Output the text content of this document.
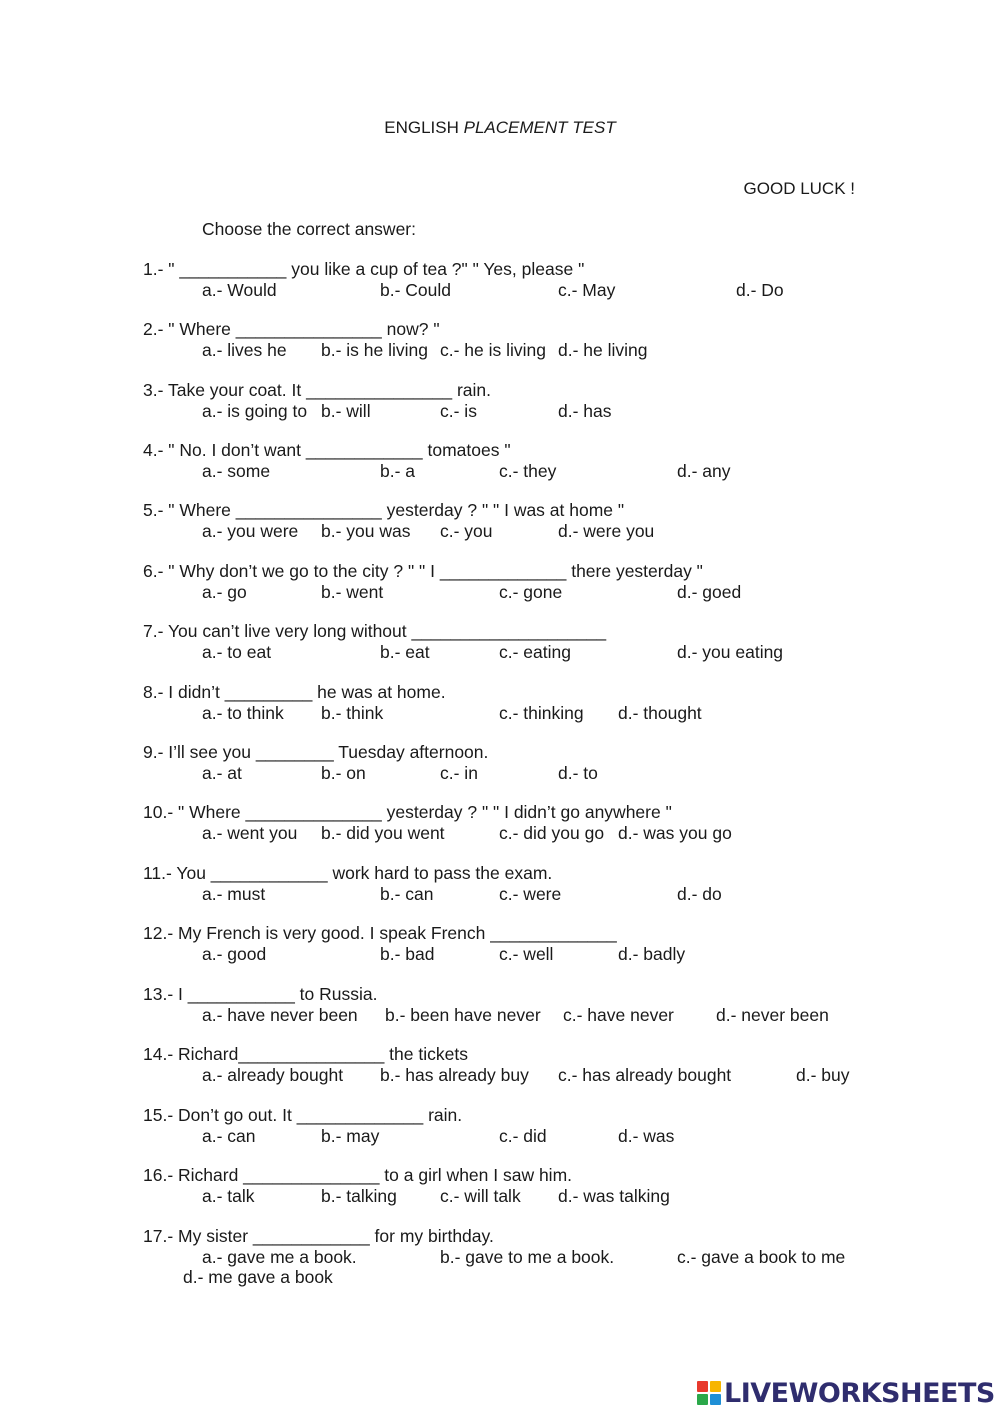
ENGLISH PLACEMENT TEST
GOOD LUCK !
Choose the correct answer:
1.- " ___________ you like a cup of tea ?" " Yes, please "
a.- Would	b.- Could	c.- May	d.- Do
2.- " Where _______________ now? "
a.- lives he b.- is he living c.- he is living d.- he living
3.- Take your coat. It _______________ rain.
a.- is going to b.- will	c.- is	d.- has
4.- " No. I don’t want ____________ tomatoes "
a.- some	b.- a	c.- they	d.- any
5.- " Where _______________ yesterday ? " " I was at home "
a.- you were b.- you was c.- you	d.- were you
6.- " Why don’t we go to the city ? " " I _____________ there yesterday "
a.- go	b.- went	c.- gone	d.- goed
7.- You can’t live very long without ____________________
a.- to eat	b.- eat	c.- eating	d.- you eating
8.- I didn’t _________ he was at home.
a.- to think b.- think	c.- thinking d.- thought
9.- I’ll see you ________ Tuesday afternoon.
a.- at	b.- on	c.- in	d.- to
10.- " Where ______________ yesterday ? " " I didn’t go anywhere "
a.- went you b.- did you went	c.- did you go d.- was you go
11.- You ____________ work hard to pass the exam.
a.- must	b.- can	c.- were	d.- do
12.- My French is very good. I speak French _____________
a.- good	b.- bad	c.- well	d.- badly
13.- I ___________ to Russia.
a.- have never been b.- been have never c.- have never d.- never been
14.- Richard_______________ the tickets
a.- already bought b.- has already buy c.- has already bought	d.- buy
15.- Don’t go out. It _____________ rain.
a.- can	b.- may	c.- did	d.- was
16.- Richard ______________ to a girl when I saw him.
a.- talk	b.- talking c.- will talk d.- was talking
17.- My sister ____________ for my birthday.
a.- gave me a book.	b.- gave to me a book.	c.- gave a book to me
d.- me gave a book
LIVEWORKSHEETS
